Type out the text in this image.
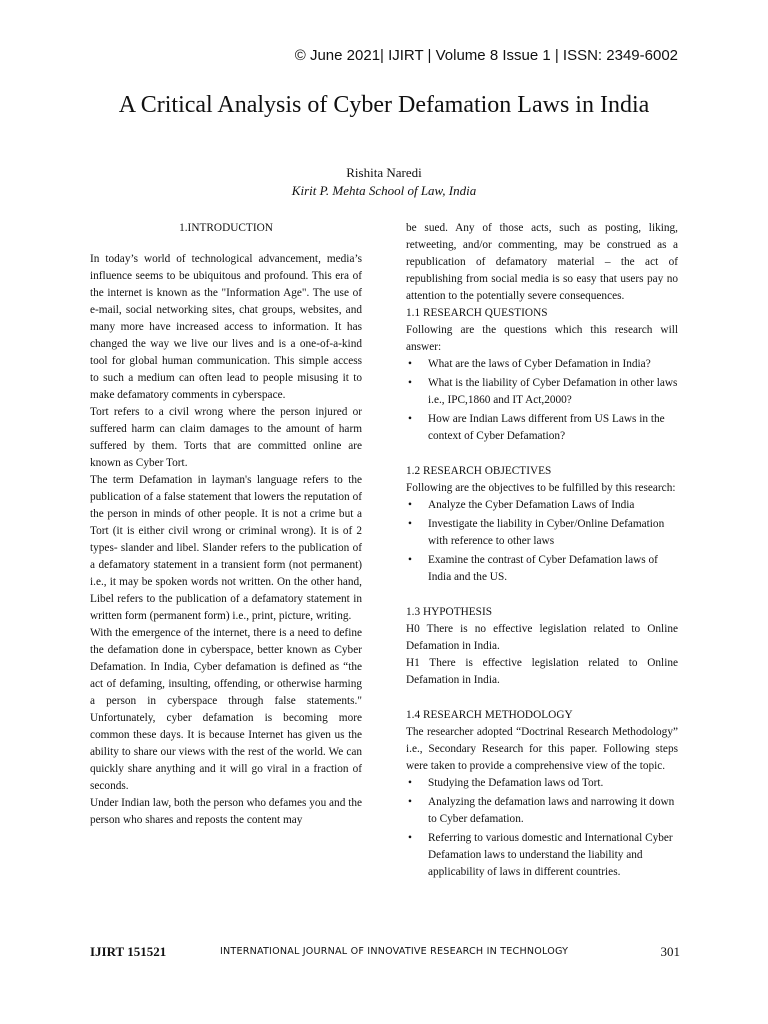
© June 2021| IJIRT | Volume 8 Issue 1 | ISSN: 2349-6002
A Critical Analysis of Cyber Defamation Laws in India
Rishita Naredi
Kirit P. Mehta School of Law, India

1.INTRODUCTION

In today’s world of technological advancement, media’s influence seems to be ubiquitous and profound. This era of the internet is known as the "Information Age". The use of e-mail, social networking sites, chat groups, websites, and many more have increased access to information. It has changed the way we live our lives and is a one-of-a-kind tool for global human communication. This simple access to such a medium can often lead to people misusing it to make defamatory comments in cyberspace.

Tort refers to a civil wrong where the person injured or suffered harm can claim damages to the amount of harm suffered by them. Torts that are committed online are known as Cyber Tort.

The term Defamation in layman's language refers to the publication of a false statement that lowers the reputation of the person in minds of other people. It is not a crime but a Tort (it is either civil wrong or criminal wrong). It is of 2 types- slander and libel. Slander refers to the publication of a defamatory statement in a transient form (not permanent) i.e., it may be spoken words not written. On the other hand, Libel refers to the publication of a defamatory statement in written form (permanent form) i.e., print, picture, writing.

With the emergence of the internet, there is a need to define the defamation done in cyberspace, better known as Cyber Defamation. In India, Cyber defamation is defined as “the act of defaming, insulting, offending, or otherwise harming a person in cyberspace through false statements." Unfortunately, cyber defamation is becoming more common these days. It is because Internet has given us the ability to share our views with the rest of the world. We can quickly share anything and it will go viral in a fraction of seconds.

Under Indian law, both the person who defames you and the person who shares and reposts the content may

be sued. Any of those acts, such as posting, liking, retweeting, and/or commenting, may be construed as a republication of defamatory material – the act of republishing from social media is so easy that users pay no attention to the potentially severe consequences.

1.1 RESEARCH QUESTIONS

Following are the questions which this research will answer:

• What are the laws of Cyber Defamation in India?
• What is the liability of Cyber Defamation in other laws i.e., IPC,1860 and IT Act,2000?
• How are Indian Laws different from US Laws in the context of Cyber Defamation?

1.2 RESEARCH OBJECTIVES

Following are the objectives to be fulfilled by this research:

• Analyze the Cyber Defamation Laws of India
• Investigate the liability in Cyber/Online Defamation with reference to other laws
• Examine the contrast of Cyber Defamation laws of India and the US.

1.3 HYPOTHESIS

H0 There is no effective legislation related to Online Defamation in India.

H1 There is effective legislation related to Online Defamation in India.

1.4 RESEARCH METHODOLOGY

The researcher adopted “Doctrinal Research Methodology” i.e., Secondary Research for this paper. Following steps were taken to provide a comprehensive view of the topic.

• Studying the Defamation laws od Tort.
• Analyzing the defamation laws and narrowing it down to Cyber defamation.
• Referring to various domestic and International Cyber Defamation laws to understand the liability and applicability of laws in different countries.
IJIRT 151521	INTERNATIONAL JOURNAL OF INNOVATIVE RESEARCH IN TECHNOLOGY	301
